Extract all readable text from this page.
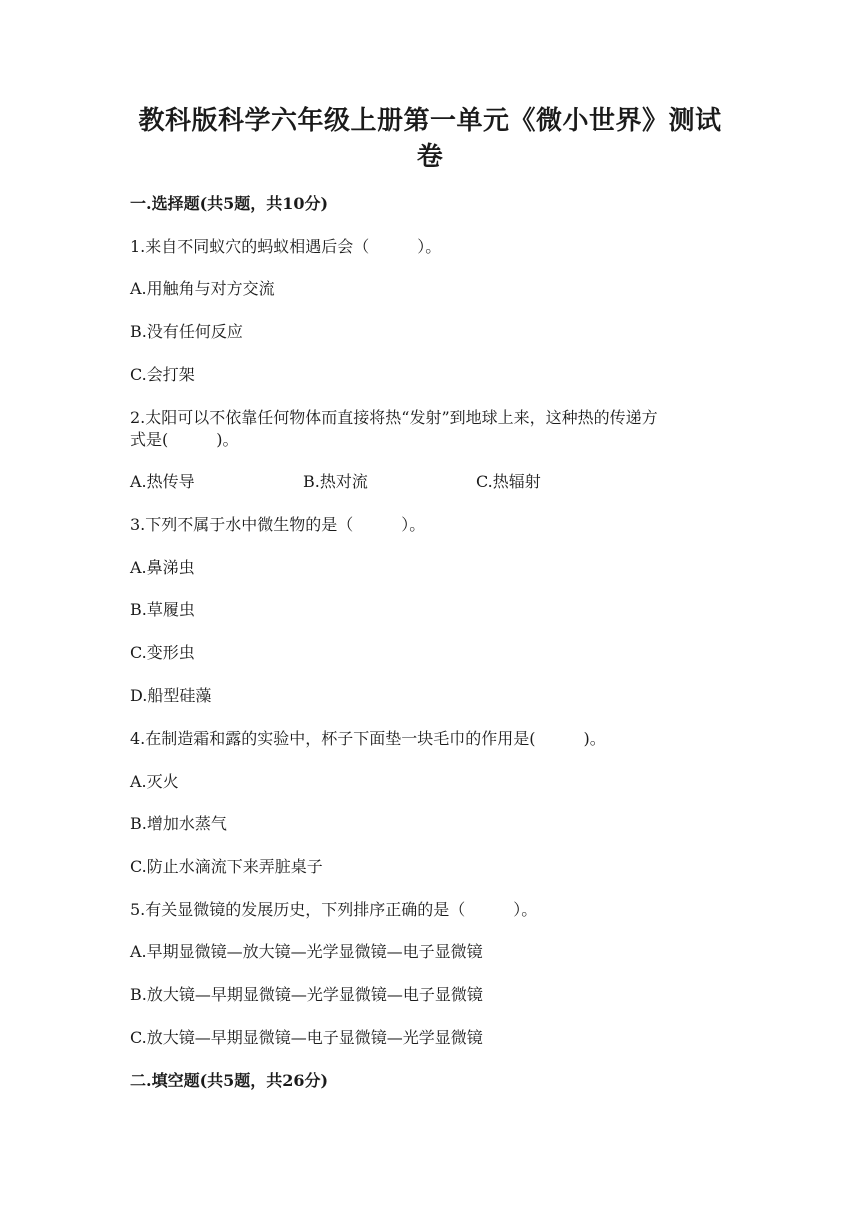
教科版科学六年级上册第一单元《微小世界》测试
卷
一.选择题(共5题，共10分)
1.来自不同蚁穴的蚂蚁相遇后会（　　　）。
A.用触角与对方交流
B.没有任何反应
C.会打架
2.太阳可以不依靠任何物体而直接将热“发射”到地球上来，这种热的传递方
式是(　　　)。
A.热传导	B.热对流	C.热辐射
3.下列不属于水中微生物的是（　　　）。
A.鼻涕虫
B.草履虫
C.变形虫
D.船型硅藻
4.在制造霜和露的实验中，杯子下面垫一块毛巾的作用是(　　　)。
A.灭火
B.增加水蒸气
C.防止水滴流下来弄脏桌子
5.有关显微镜的发展历史，下列排序正确的是（　　　）。
A.早期显微镜—放大镜—光学显微镜—电子显微镜
B.放大镜—早期显微镜—光学显微镜—电子显微镜
C.放大镜—早期显微镜—电子显微镜—光学显微镜
二.填空题(共5题，共26分)
